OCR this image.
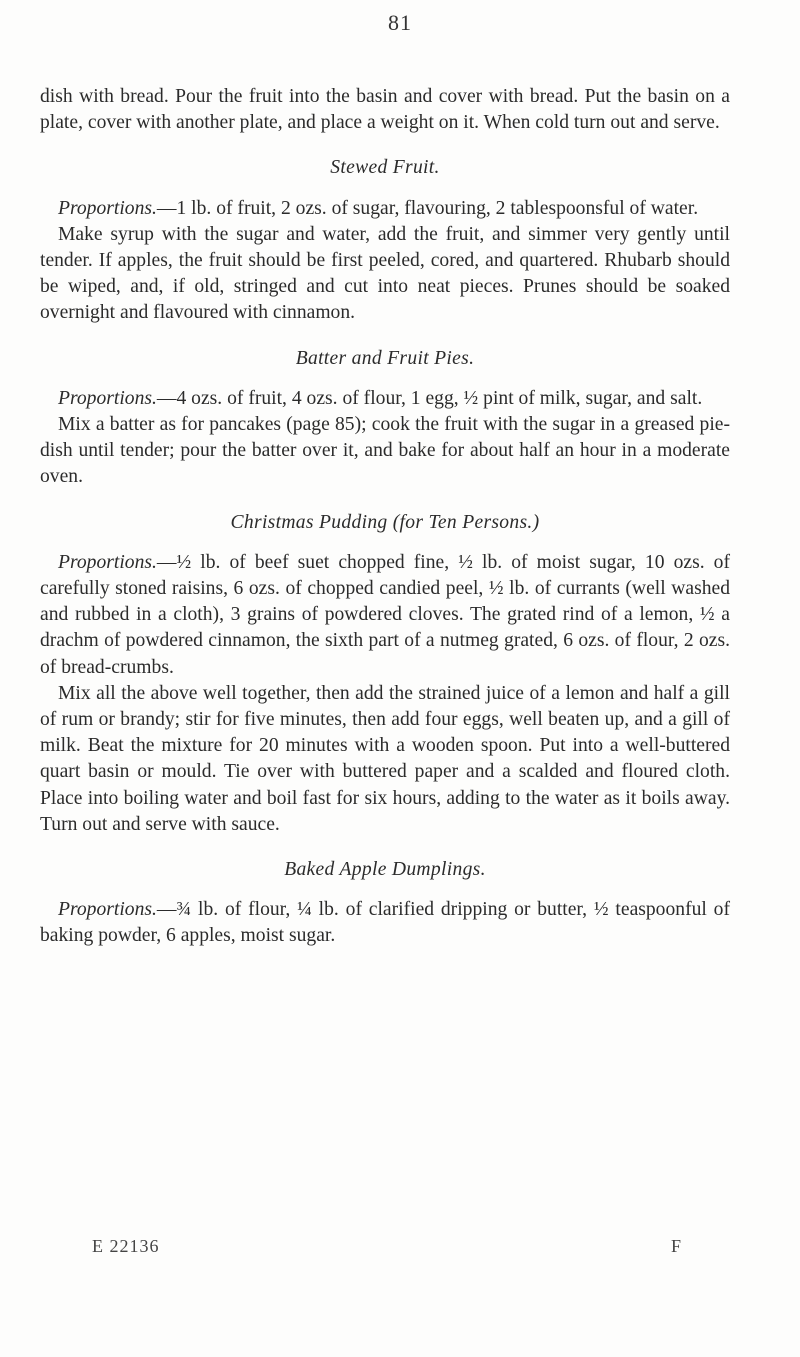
81

dish with bread. Pour the fruit into the basin and cover with bread. Put the basin on a plate, cover with another plate, and place a weight on it. When cold turn out and serve.

Stewed Fruit.

Proportions.—1 lb. of fruit, 2 ozs. of sugar, flavouring, 2 tablespoonsful of water.

Make syrup with the sugar and water, add the fruit, and simmer very gently until tender. If apples, the fruit should be first peeled, cored, and quartered. Rhubarb should be wiped, and, if old, stringed and cut into neat pieces. Prunes should be soaked overnight and flavoured with cinnamon.

Batter and Fruit Pies.

Proportions.—4 ozs. of fruit, 4 ozs. of flour, 1 egg, ½ pint of milk, sugar, and salt.

Mix a batter as for pancakes (page 85); cook the fruit with the sugar in a greased pie-dish until tender; pour the batter over it, and bake for about half an hour in a moderate oven.

Christmas Pudding (for Ten Persons.)

Proportions.—½ lb. of beef suet chopped fine, ½ lb. of moist sugar, 10 ozs. of carefully stoned raisins, 6 ozs. of chopped candied peel, ½ lb. of currants (well washed and rubbed in a cloth), 3 grains of powdered cloves. The grated rind of a lemon, ½ a drachm of powdered cinnamon, the sixth part of a nutmeg grated, 6 ozs. of flour, 2 ozs. of bread-crumbs.

Mix all the above well together, then add the strained juice of a lemon and half a gill of rum or brandy; stir for five minutes, then add four eggs, well beaten up, and a gill of milk. Beat the mixture for 20 minutes with a wooden spoon. Put into a well-buttered quart basin or mould. Tie over with buttered paper and a scalded and floured cloth. Place into boiling water and boil fast for six hours, adding to the water as it boils away. Turn out and serve with sauce.

Baked Apple Dumplings.

Proportions.—¾ lb. of flour, ¼ lb. of clarified dripping or butter, ½ teaspoonful of baking powder, 6 apples, moist sugar.

E 22136	F
